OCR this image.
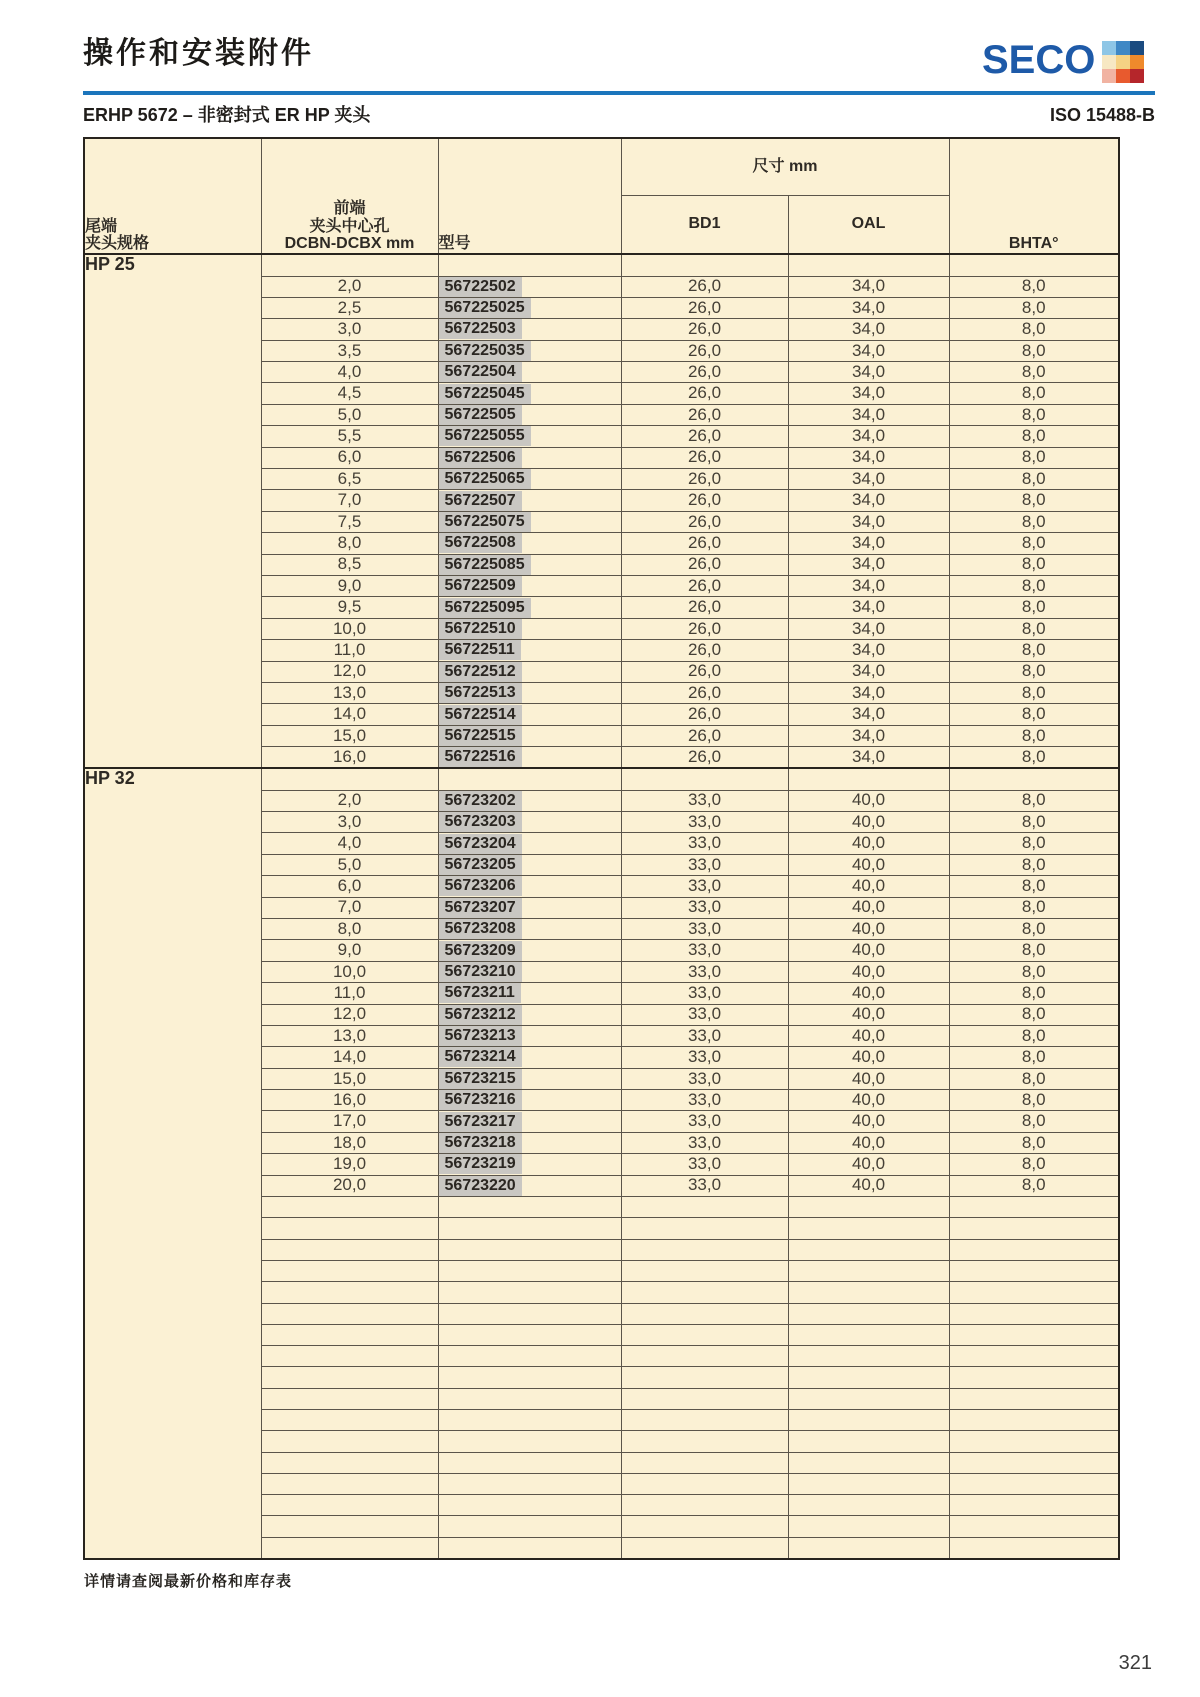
操作和安装附件	SECO
ERHP 5672 – 非密封式 ER HP 夹头	ISO 15488-B
尾端
夹头规格

前端
夹头中心孔
DCBN-DCBX mm	型号	尺寸 mm	BHTA°
			BD1	OAL	
HP 25					
	2,0	56722502	26,0	34,0	8,0
	2,5	567225025	26,0	34,0	8,0
	3,0	56722503	26,0	34,0	8,0
	3,5	567225035	26,0	34,0	8,0
	4,0	56722504	26,0	34,0	8,0
	4,5	567225045	26,0	34,0	8,0
	5,0	56722505	26,0	34,0	8,0
	5,5	567225055	26,0	34,0	8,0
	6,0	56722506	26,0	34,0	8,0
	6,5	567225065	26,0	34,0	8,0
	7,0	56722507	26,0	34,0	8,0
	7,5	567225075	26,0	34,0	8,0
	8,0	56722508	26,0	34,0	8,0
	8,5	567225085	26,0	34,0	8,0
	9,0	56722509	26,0	34,0	8,0
	9,5	567225095	26,0	34,0	8,0
	10,0	56722510	26,0	34,0	8,0
	11,0	56722511	26,0	34,0	8,0
	12,0	56722512	26,0	34,0	8,0
	13,0	56722513	26,0	34,0	8,0
	14,0	56722514	26,0	34,0	8,0
	15,0	56722515	26,0	34,0	8,0
	16,0	56722516	26,0	34,0	8,0
HP 32					
	2,0	56723202	33,0	40,0	8,0
	3,0	56723203	33,0	40,0	8,0
	4,0	56723204	33,0	40,0	8,0
	5,0	56723205	33,0	40,0	8,0
	6,0	56723206	33,0	40,0	8,0
	7,0	56723207	33,0	40,0	8,0
	8,0	56723208	33,0	40,0	8,0
	9,0	56723209	33,0	40,0	8,0
	10,0	56723210	33,0	40,0	8,0
	11,0	56723211	33,0	40,0	8,0
	12,0	56723212	33,0	40,0	8,0
	13,0	56723213	33,0	40,0	8,0
	14,0	56723214	33,0	40,0	8,0
	15,0	56723215	33,0	40,0	8,0
	16,0	56723216	33,0	40,0	8,0
	17,0	56723217	33,0	40,0	8,0
	18,0	56723218	33,0	40,0	8,0
	19,0	56723219	33,0	40,0	8,0
	20,0	56723220	33,0	40,0	8,0

详情请查阅最新价格和库存表
321
